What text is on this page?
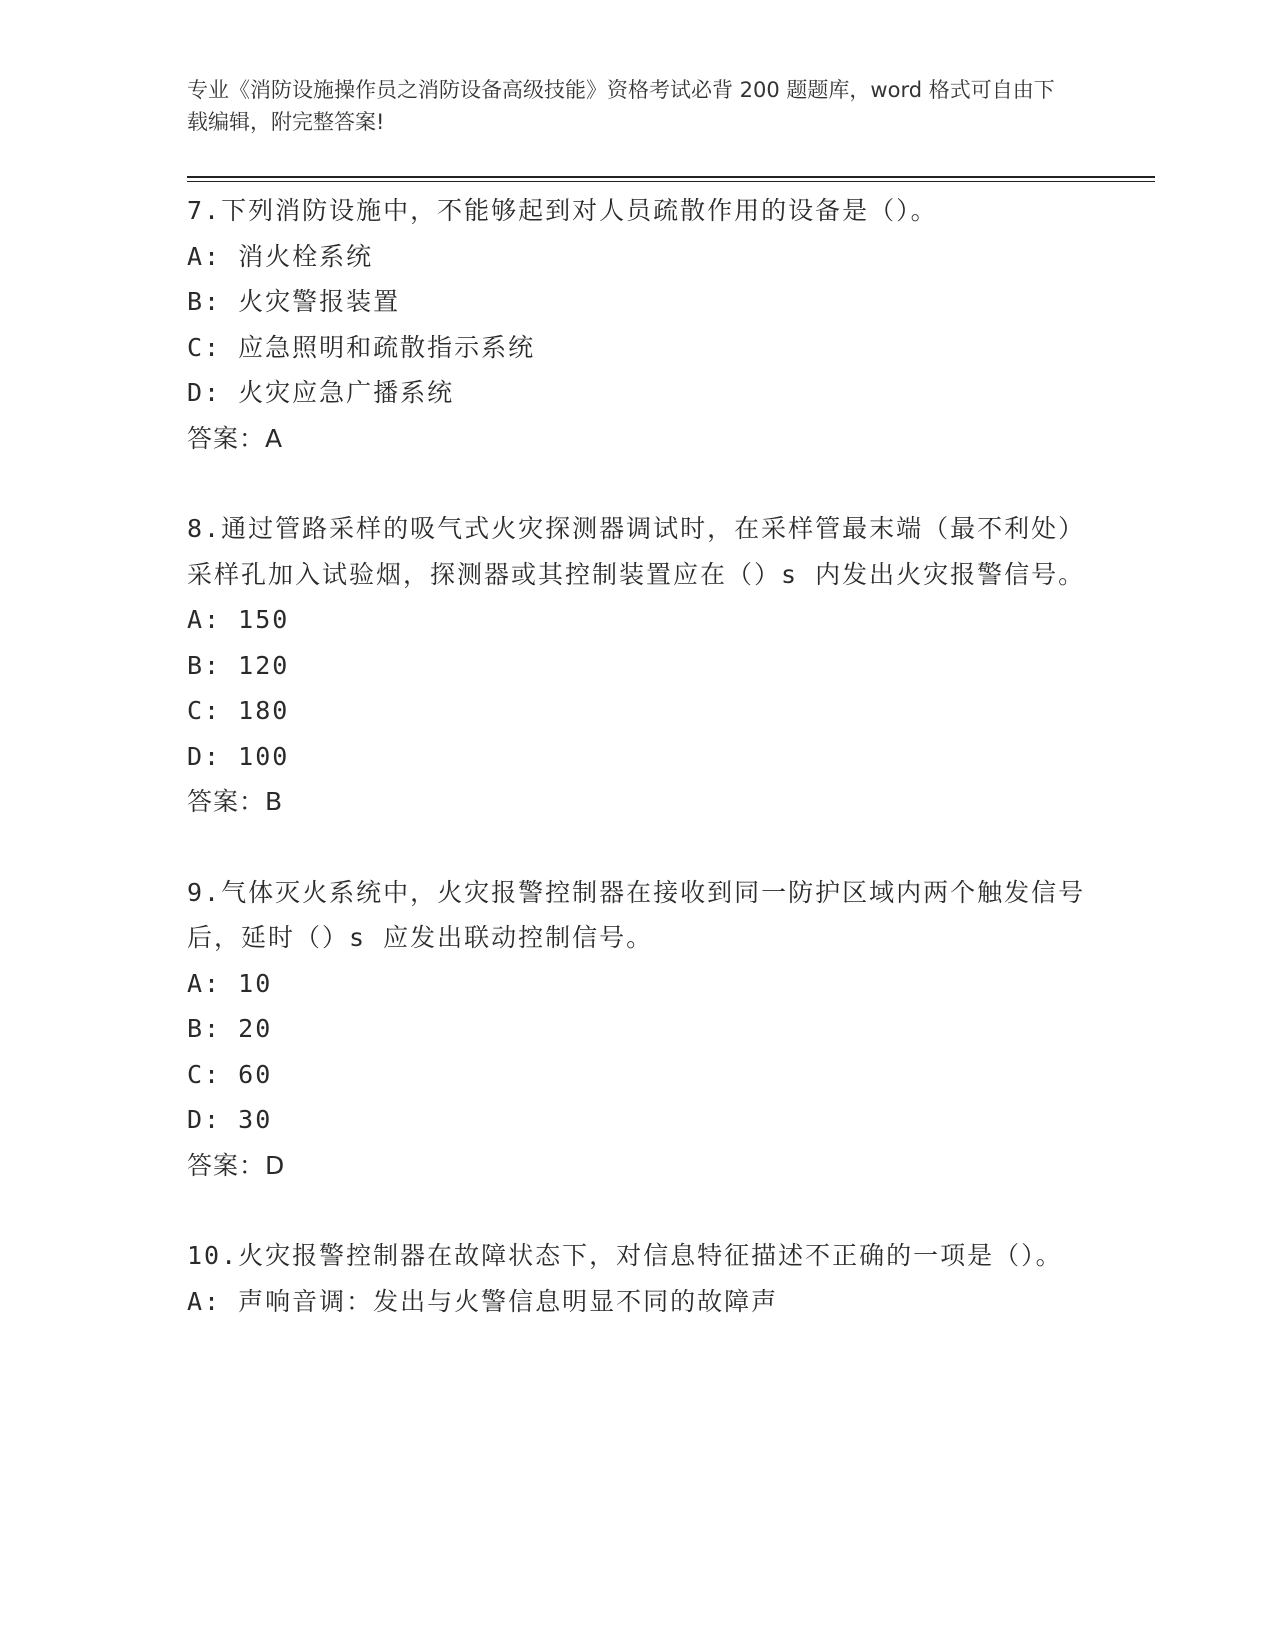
专业《消防设施操作员之消防设备高级技能》资格考试必背 200 题题库，word 格式可自由下载编辑，附完整答案!

7.下列消防设施中，不能够起到对人员疏散作用的设备是（）。

A: 消火栓系统

B: 火灾警报装置

C: 应急照明和疏散指示系统

D: 火灾应急广播系统

答案：A

8.通过管路采样的吸气式火灾探测器调试时，在采样管最末端（最不利处）采样孔加入试验烟，探测器或其控制装置应在（）s 内发出火灾报警信号。

A: 150

B: 120

C: 180

D: 100

答案：B

9.气体灭火系统中，火灾报警控制器在接收到同一防护区域内两个触发信号后，延时（）s 应发出联动控制信号。

A: 10

B: 20

C: 60

D: 30

答案：D

10.火灾报警控制器在故障状态下，对信息特征描述不正确的一项是（）。

A: 声响音调：发出与火警信息明显不同的故障声
